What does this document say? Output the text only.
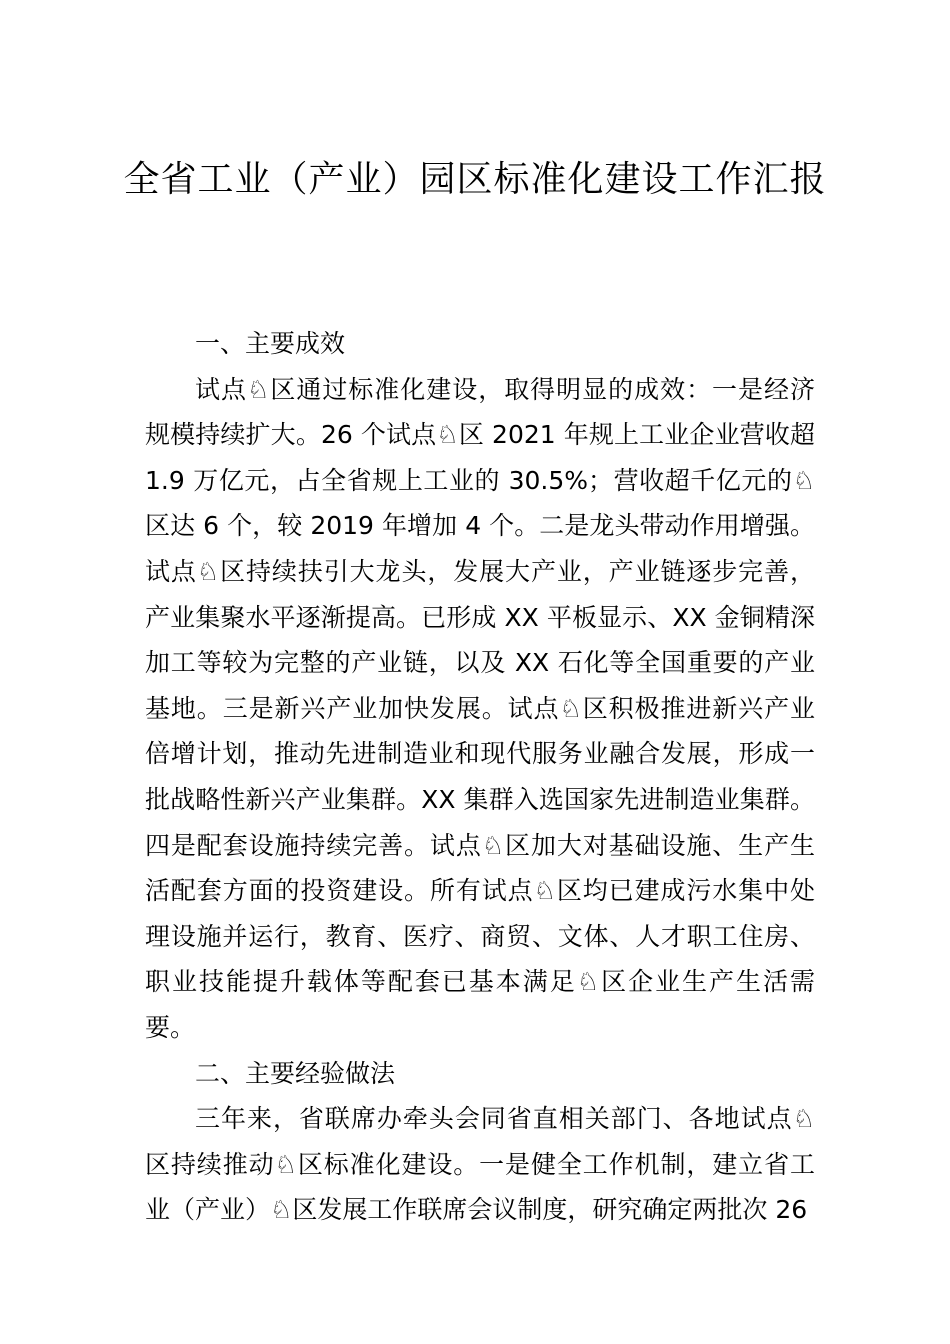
全省工业（产业）园区标准化建设工作汇报
一、主要成效

试点♘区通过标准化建设，取得明显的成效：一是经济规模持续扩大。26 个试点♘区 2021 年规上工业企业营收超 1.9 万亿元，占全省规上工业的 30.5%；营收超千亿元的♘区达 6 个，较 2019 年增加 4 个。二是龙头带动作用增强。试点♘区持续扶引大龙头，发展大产业，产业链逐步完善，产业集聚水平逐渐提高。已形成 XX 平板显示、XX 金铜精深加工等较为完整的产业链，以及 XX 石化等全国重要的产业基地。三是新兴产业加快发展。试点♘区积极推进新兴产业倍增计划，推动先进制造业和现代服务业融合发展，形成一批战略性新兴产业集群。XX 集群入选国家先进制造业集群。四是配套设施持续完善。试点♘区加大对基础设施、生产生活配套方面的投资建设。所有试点♘区均已建成污水集中处理设施并运行，教育、医疗、商贸、文体、人才职工住房、职业技能提升载体等配套已基本满足♘区企业生产生活需要。

二、主要经验做法

三年来，省联席办牵头会同省直相关部门、各地试点♘区持续推动♘区标准化建设。一是健全工作机制，建立省工业（产业）♘区发展工作联席会议制度，研究确定两批次 26
